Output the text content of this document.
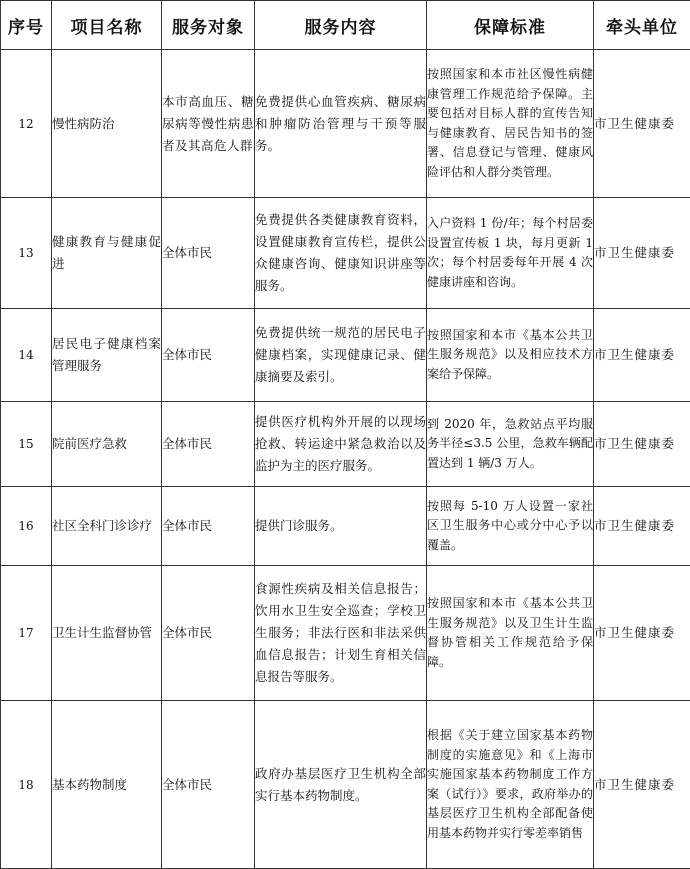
序号	项目名称	服务对象	服务内容	保障标准	牵头单位
12	慢性病防治	本市高血压、糖尿病等慢性病患者及其高危人群	免费提供心血管疾病、糖尿病和肿瘤防治管理与干预等服务。	按照国家和本市社区慢性病健康管理工作规范给予保障。主要包括对目标人群的宣传告知与健康教育、居民告知书的签署、信息登记与管理、健康风险评估和人群分类管理。	市卫生健康委
13	健康教育与健康促进	全体市民	免费提供各类健康教育资料，设置健康教育宣传栏，提供公众健康咨询、健康知识讲座等服务。	入户资料 1 份/年；每个村居委设置宣传板 1 块，每月更新 1 次；每个村居委每年开展 4 次健康讲座和咨询。	市卫生健康委
14	居民电子健康档案管理服务	全体市民	免费提供统一规范的居民电子健康档案，实现健康记录、健康摘要及索引。	按照国家和本市《基本公共卫生服务规范》以及相应技术方案给予保障。	市卫生健康委
15	院前医疗急救	全体市民	提供医疗机构外开展的以现场抢救、转运途中紧急救治以及监护为主的医疗服务。	到 2020 年，急救站点平均服务半径≤3.5 公里，急救车辆配置达到 1 辆/3 万人。	市卫生健康委
16	社区全科门诊诊疗	全体市民	提供门诊服务。	按照每 5-10 万人设置一家社区卫生服务中心或分中心予以覆盖。	市卫生健康委
17	卫生计生监督协管	全体市民	食源性疾病及相关信息报告；饮用水卫生安全巡查；学校卫生服务；非法行医和非法采供血信息报告；计划生育相关信息报告等服务。	按照国家和本市《基本公共卫生服务规范》以及卫生计生监督协管相关工作规范给予保障。	市卫生健康委
18	基本药物制度	全体市民	政府办基层医疗卫生机构全部实行基本药物制度。	根据《关于建立国家基本药物制度的实施意见》和《上海市实施国家基本药物制度工作方案（试行）》要求，政府举办的基层医疗卫生机构全部配备使用基本药物并实行零差率销售	市卫生健康委
